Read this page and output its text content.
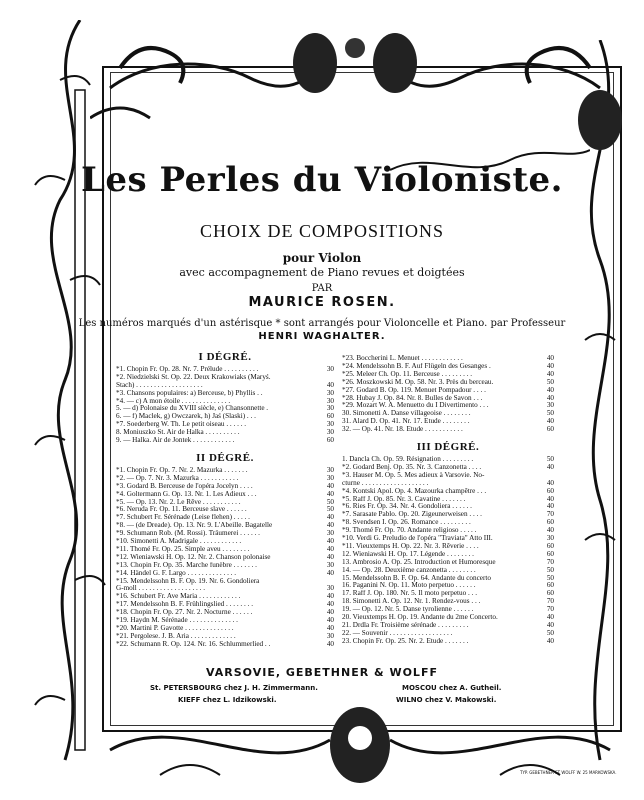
Les Perles du Violoniste.
CHOIX DE COMPOSITIONS
pour Violon
avec accompagnement de Piano revues et doigtées
PAR
MAURICE ROSEN.
Les numéros marqués d'un astérisque * sont arrangés pour Violoncelle et Piano. par Professeur
HENRI WAGHALTER.
I DÉGRÉ.
*1. Chopin Fr. Op. 28. Nr. 7. Prélude . . . . . . . . . .	30
*2. Niedzielski St. Op. 22. Deux Krakowiaks (Maryś.
Stach) . . . . . . . . . . . . . . . . . . .	40
*3. Chansons populaires: a) Berceuse, b) Phyllis . .	30
*4. — c) A mon étoile . . . . . . . . . . . . . .	30
5. — d) Polonaise du XVIII siècle, e) Chansonnette .	30
6. — f) Maclek, g) Owczarek, h) Jaś (Slaski) . . .	60
*7. Soederberg W. Th. Le petit oiseau . . . . . .	30
8. Moniuszko St. Air de Halka . . . . . . . . . .	30
9. — Halka. Air de Jontek . . . . . . . . . . . .	60
II DÉGRÉ.
*1. Chopin Fr. Op. 7. Nr. 2. Mazurka . . . . . . .	30
*2. — Op. 7. Nr. 3. Mazurka . . . . . . . . . . .	30
*3. Godard B. Berceuse de l'opéra Jocelyn . . . .	40
*4. Goltermann G. Op. 13. Nr. 1. Les Adieux . . .	40
*5. — Op. 13. Nr. 2. Le Rêve . . . . . . . . . . .	50
*6. Neruda Fr. Op. 11. Berceuse slave . . . . . .	50
*7. Schubert Fr. Sérénade (Leise flehen) . . . . .	40
*8. — (de Dreade). Op. 13. Nr. 9. L'Abeille. Bagatelle	40
*9. Schumann Rob. (M. Rossi). Träumerei . . . . . .	30
*10. Simonetti A. Madrigale . . . . . . . . . . . .	40
*11. Thomé Fr. Op. 25. Simple aveu . . . . . . . .	40
*12. Wieniawski H. Op. 12. Nr. 2. Chanson polonaise	40
*13. Chopin Fr. Op. 35. Marche funèbre . . . . . . .	30
*14. Händel G. F. Largo . . . . . . . . . . . . . .	40
*15. Mendelssohn B. F. Op. 19. Nr. 6. Gondoliera
G-moll . . . . . . . . . . . . . . . . . . .	30
*16. Schubert Fr. Ave Maria . . . . . . . . . . . .	40
*17. Mendelssohn B. F. Frühlingslied . . . . . . . .	40
*18. Chopin Fr. Op. 27. Nr. 2. Nocturne . . . . . .	40
*19. Haydn M. Sérénade . . . . . . . . . . . . . .	40
*20. Martini P. Gavotte . . . . . . . . . . . . . .	40
*21. Pergolese. J. B. Aria . . . . . . . . . . . . .	30
*22. Schumann R. Op. 124. Nr. 16. Schlummerlied . .	40
*23. Boccherini L. Menuet . . . . . . . . . . . .	40
*24. Mendelssohn B. F. Auf Flügeln des Gesanges .	40
*25. Meleer Ch. Op. 11. Berceuse . . . . . . . . .	40
*26. Moszkowski M. Op. 58. Nr. 3. Près du berceau.	50
*27. Godard B. Op. 119. Menuet Pompadour . . . .	40
*28. Hubay J. Op. 84. Nr. 8. Bulles de Savon . . .	40
*29. Mozart W. A. Menuetto du I Divertimento . . .	30
30. Simonetti A. Danse villageoise . . . . . . . .	50
31. Alard D. Op. 41. Nr. 17. Étude . . . . . . . .	40
32. — Op. 41. Nr. 18. Étude . . . . . . . . . . .	60
III DÉGRÉ.
1. Dancla Ch. Op. 59. Résignation . . . . . . . . .	50
*2. Godard Benj. Op. 35. Nr. 3. Canzonetta . . . .	40
*3. Hauser M. Op. 5. Mes adieux à Varsovie. No-
cturne . . . . . . . . . . . . . . . . . . .	40
*4. Kontski Apol. Op. 4. Mazourka champêtre . . .	60
*5. Raff J. Op. 85. Nr. 3. Cavatine . . . . . . .	40
*6. Ries Fr. Op. 34. Nr. 4. Gondoliera . . . . . .	40
*7. Sarasate Pablo. Op. 20. Zigeunerweisen . . . .	70
*8. Svendsen I. Op. 26. Romance . . . . . . . . .	60
*9. Thomé Fr. Op. 70. Andante religioso . . . . .	40
*10. Verdi G. Preludio de l'opéra "Traviata" Atto III.	30
*11. Vieuxtemps H. Op. 22. Nr. 3. Rêverie . . . .	60
12. Wieniawski H. Op. 17. Légende . . . . . . . .	60
13. Ambrosio A. Op. 25. Introduction et Humoresque	70
14. — Op. 28. Deuxième canzonetta . . . . . . . .	50
15. Mendelssohn B. F. Op. 64. Andante du concerto	50
16. Paganini N. Op. 11. Moto perpetuo . . . . . .	60
17. Raff J. Op. 180. Nr. 5. Il moto perpetuo . . .	60
18. Simonetti A. Op. 12. Nr. 1. Rendez-vous . . .	70
19. — Op. 12. Nr. 5. Danse tyrolienne . . . . . .	70
20. Vieuxtemps H. Op. 19. Andante du 2me Concerto.	40
21. Drdla Fr. Troisième sérénade . . . . . . . . .	40
22. — Souvenir . . . . . . . . . . . . . . . . . .	50
23. Chopin Fr. Op. 25. Nr. 2. Étude . . . . . . .	40
VARSOVIE, GEBETHNER & WOLFF
St. PETERSBOURG chez J. H. Zimmermann.	MOSCOU chez A. Gutheil.
KIEFF chez L. Idzikowski.	WILNO chez V. Makowski.
TYP. GEBETHNER ET WOLFF W. 25 MARKOWSKA.
